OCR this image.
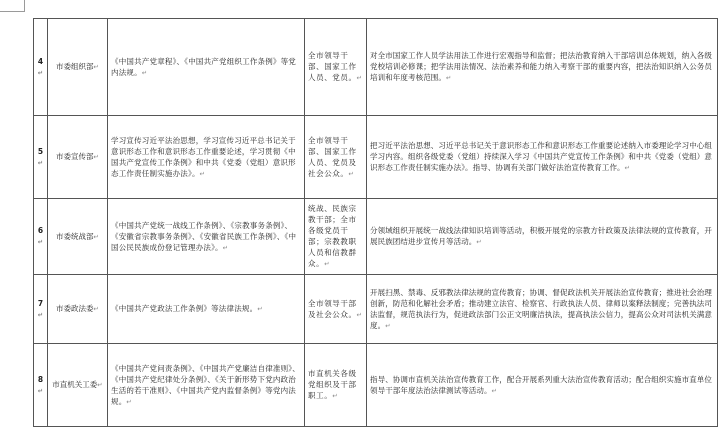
4↵	市委组织部↵	《中国共产党章程》、《中国共产党组织工作条例》等党内法规。↵	全市领导干部、国家工作人员、党员。↵	对全市国家工作人员学法用法工作进行宏观指导和监督；把法治教育纳入干部培训总体规划，纳入各级党校培训必修课；把学法用法情况、法治素养和能力纳入考察干部的重要内容，把法治知识纳入公务员培训和年度考核范围。↵
5↵	市委宣传部↵	学习宣传习近平法治思想，学习宣传习近平总书记关于意识形态工作和意识形态工作重要论述，学习贯彻《中国共产党宣传工作条例》和中共《党委（党组）意识形态工作责任制实施办法》。↵	全市领导干部、国家工作人员、党员及社会公众。↵	把习近平法治思想、习近平总书记关于意识形态工作和意识形态工作重要论述纳入市委理论学习中心组学习内容。组织各级党委（党组）持续深入学习《中国共产党宣传工作条例》和中共《党委（党组）意识形态工作责任制实施办法》。指导、协调有关部门做好法治宣传教育工作。↵
6↵	市委统战部↵	《中国共产党统一战线工作条例》、《宗教事务条例》、《安徽省宗教事务条例》、《安徽省民族工作条例》、《中国公民民族成份登记管理办法》。↵	统战、民族宗教干部；全市各级党员干部；宗教教职人员和信教群众。↵	分领域组织开展统一战线法律知识培训等活动，积极开展党的宗教方针政策及法律法规的宣传教育，开展民族团结进步宣传月等活动。↵
7↵	市委政法委↵	《中国共产党政法工作条例》等法律法规。↵	全市领导干部及社会公众。↵	开展扫黑、禁毒、反邪教法律法规的宣传教育；协调、督促政法机关开展法治宣传教育；推进社会治理创新，防范和化解社会矛盾；推动建立法官、检察官、行政执法人员、律师以案释法制度；完善执法司法监督，规范执法行为，促进政法部门公正文明廉洁执法，提高执法公信力，提高公众对司法机关满意度。↵
8↵	市直机关工委↵	《中国共产党问责条例》、《中国共产党廉洁自律准则》、《中国共产党纪律处分条例》、《关于新形势下党内政治生活的若干准则》、《中国共产党内监督条例》等党内法规。↵	市直机关各级党组织及干部职工。↵	指导、协调市直机关法治宣传教育工作，配合开展系列重大法治宣传教育活动；配合组织实施市直单位领导干部年度法治法律测试等活动。↵
